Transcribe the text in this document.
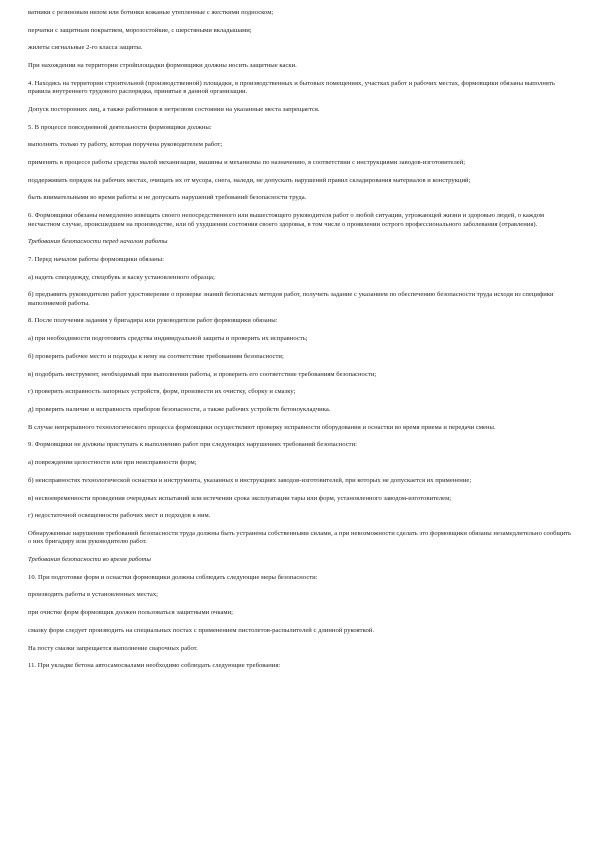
ватники с резиновым низом или ботинки кожаные утепленные с жесткими подноском;

перчатки с защитным покрытием, морозостойкие, с шерстяными вкладышами;

жилеты сигнальные 2-го класса защиты.

При нахождении на территории стройплощадки формовщики должны носить защитные каски.

4. Находясь на территории строительной (производственной) площадки, в производственных и бытовых помещениях, участках работ и рабочих местах, формовщики обязаны выполнять правила внутреннего трудового распорядка, принятые в данной организации.

Допуск посторонних лиц, а также работников в нетрезвом состоянии на указанные места запрещается.

5. В процессе повседневной деятельности формовщики должны:

выполнять только ту работу, которая поручена руководителем работ;

применять в процессе работы средства малой механизации, машины и механизмы по назначению, в соответствии с инструкциями заводов-изготовителей;

поддерживать порядок на рабочих местах, очищать их от мусора, снега, наледи, не допускать нарушений правил складирования материалов и конструкций;

быть внимательными во время работы и не допускать нарушений требований безопасности труда.

6. Формовщики обязаны немедленно извещать своего непосредственного или вышестоящего руководителя работ о любой ситуации, угрожающей жизни и здоровью людей, о каждом несчастном случае, происшедшем на производстве, или об ухудшении состояния своего здоровья, в том числе о проявлении острого профессионального заболевания (отравления).

Требования безопасности перед началом работы

7. Перед началом работы формовщики обязаны:

а) надеть спецодежду, спецобувь и каску установленного образца;

б) предъявить руководителю работ удостоверение о проверке знаний безопасных методов работ, получить задание с указанием по обеспечению безопасности труда исходя из специфики выполняемой работы.

8. После получения задания у бригадира или руководителя работ формовщики обязаны:

а) при необходимости подготовить средства индивидуальной защиты и проверить их исправность;

б) проверить рабочее место и подходы к нему на соответствие требованиям безопасности;

в) подобрать инструмент, необходимый при выполнении работы, и проверить его соответствие требованиям безопасности;

г) проверить исправность запорных устройств, форм, произвести их очистку, сборку и смазку;

д) проверить наличие и исправность приборов безопасности, а также рабочих устройств бетоноукладчика.

В случае непрерывного технологического процесса формовщики осуществляют проверку исправности оборудования и оснастки во время приема и передачи смены.

9. Формовщики не должны приступать к выполнению работ при следующих нарушениях требований безопасности:

а) повреждении целостности или при неисправности форм;

б) неисправностях технологической оснастки и инструмента, указанных в инструкциях заводов-изготовителей, при которых не допускается их применение;

в) несвоевременности проведения очередных испытаний или истечении срока эксплуатации тары или форм, установленного заводом-изготовителем;

г) недостаточной освещенности рабочих мест и подходов к ним.

Обнаруженные нарушения требований безопасности труда должны быть устранены собственными силами, а при невозможности сделать это формовщики обязаны незамедлительно сообщить о них бригадиру или руководителю работ.

Требования безопасности во время работы

10. При подготовке форм и оснастки формовщики должны соблюдать следующие меры безопасности:

производить работы в установленных местах;

при очистке форм формовщик должен пользоваться защитными очками;

смазку форм следует производить на специальных постах с применением пистолетов-распылителей с длинной рукояткой.

На посту смазки запрещается выполнение сварочных работ.

11. При укладке бетона автосамосвалами необходимо соблюдать следующие требования:
